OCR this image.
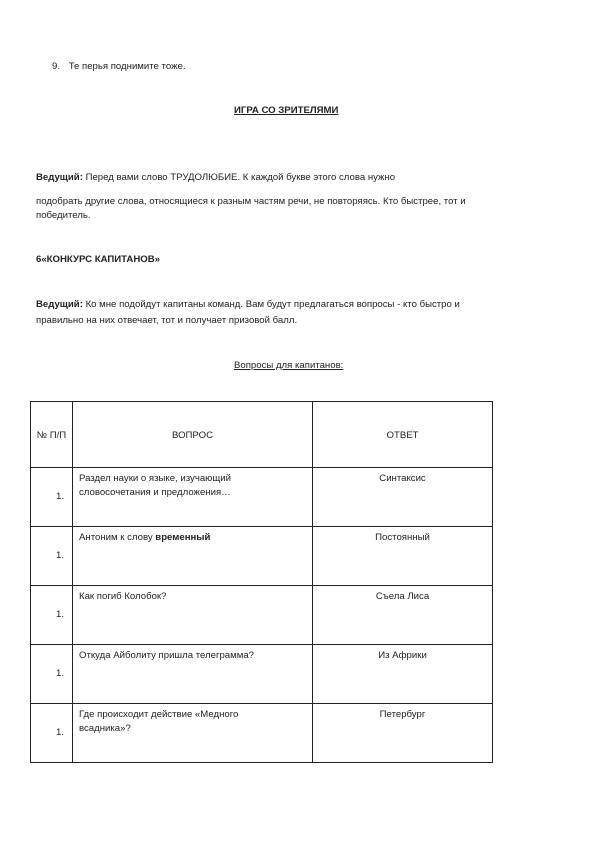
9. Те перья поднимите тоже.
ИГРА СО ЗРИТЕЛЯМИ
Ведущий: Перед вами слово ТРУДОЛЮБИЕ. К каждой букве этого слова нужно
подобрать другие слова, относящиеся к разным частям речи, не повторяясь. Кто быстрее, тот и
победитель.
6«КОНКУРС КАПИТАНОВ»
Ведущий: Ко мне подойдут капитаны команд. Вам будут предлагаться вопросы - кто быстро и
правильно на них отвечает, тот и получает призовой балл.
Вопросы для капитанов:
№ П/П	ВОПРОС	ОТВЕТ
1.	Раздел науки о языке, изучающий
словосочетания и предложения…	Синтаксис
1.	Антоним к слову временный	Постоянный
1.	Как погиб Колобок?	Съела Лиса
1.	Откуда Айболиту пришла телеграмма?	Из Африки
1.	Где происходит действие «Медного
всадника»?	Петербург
